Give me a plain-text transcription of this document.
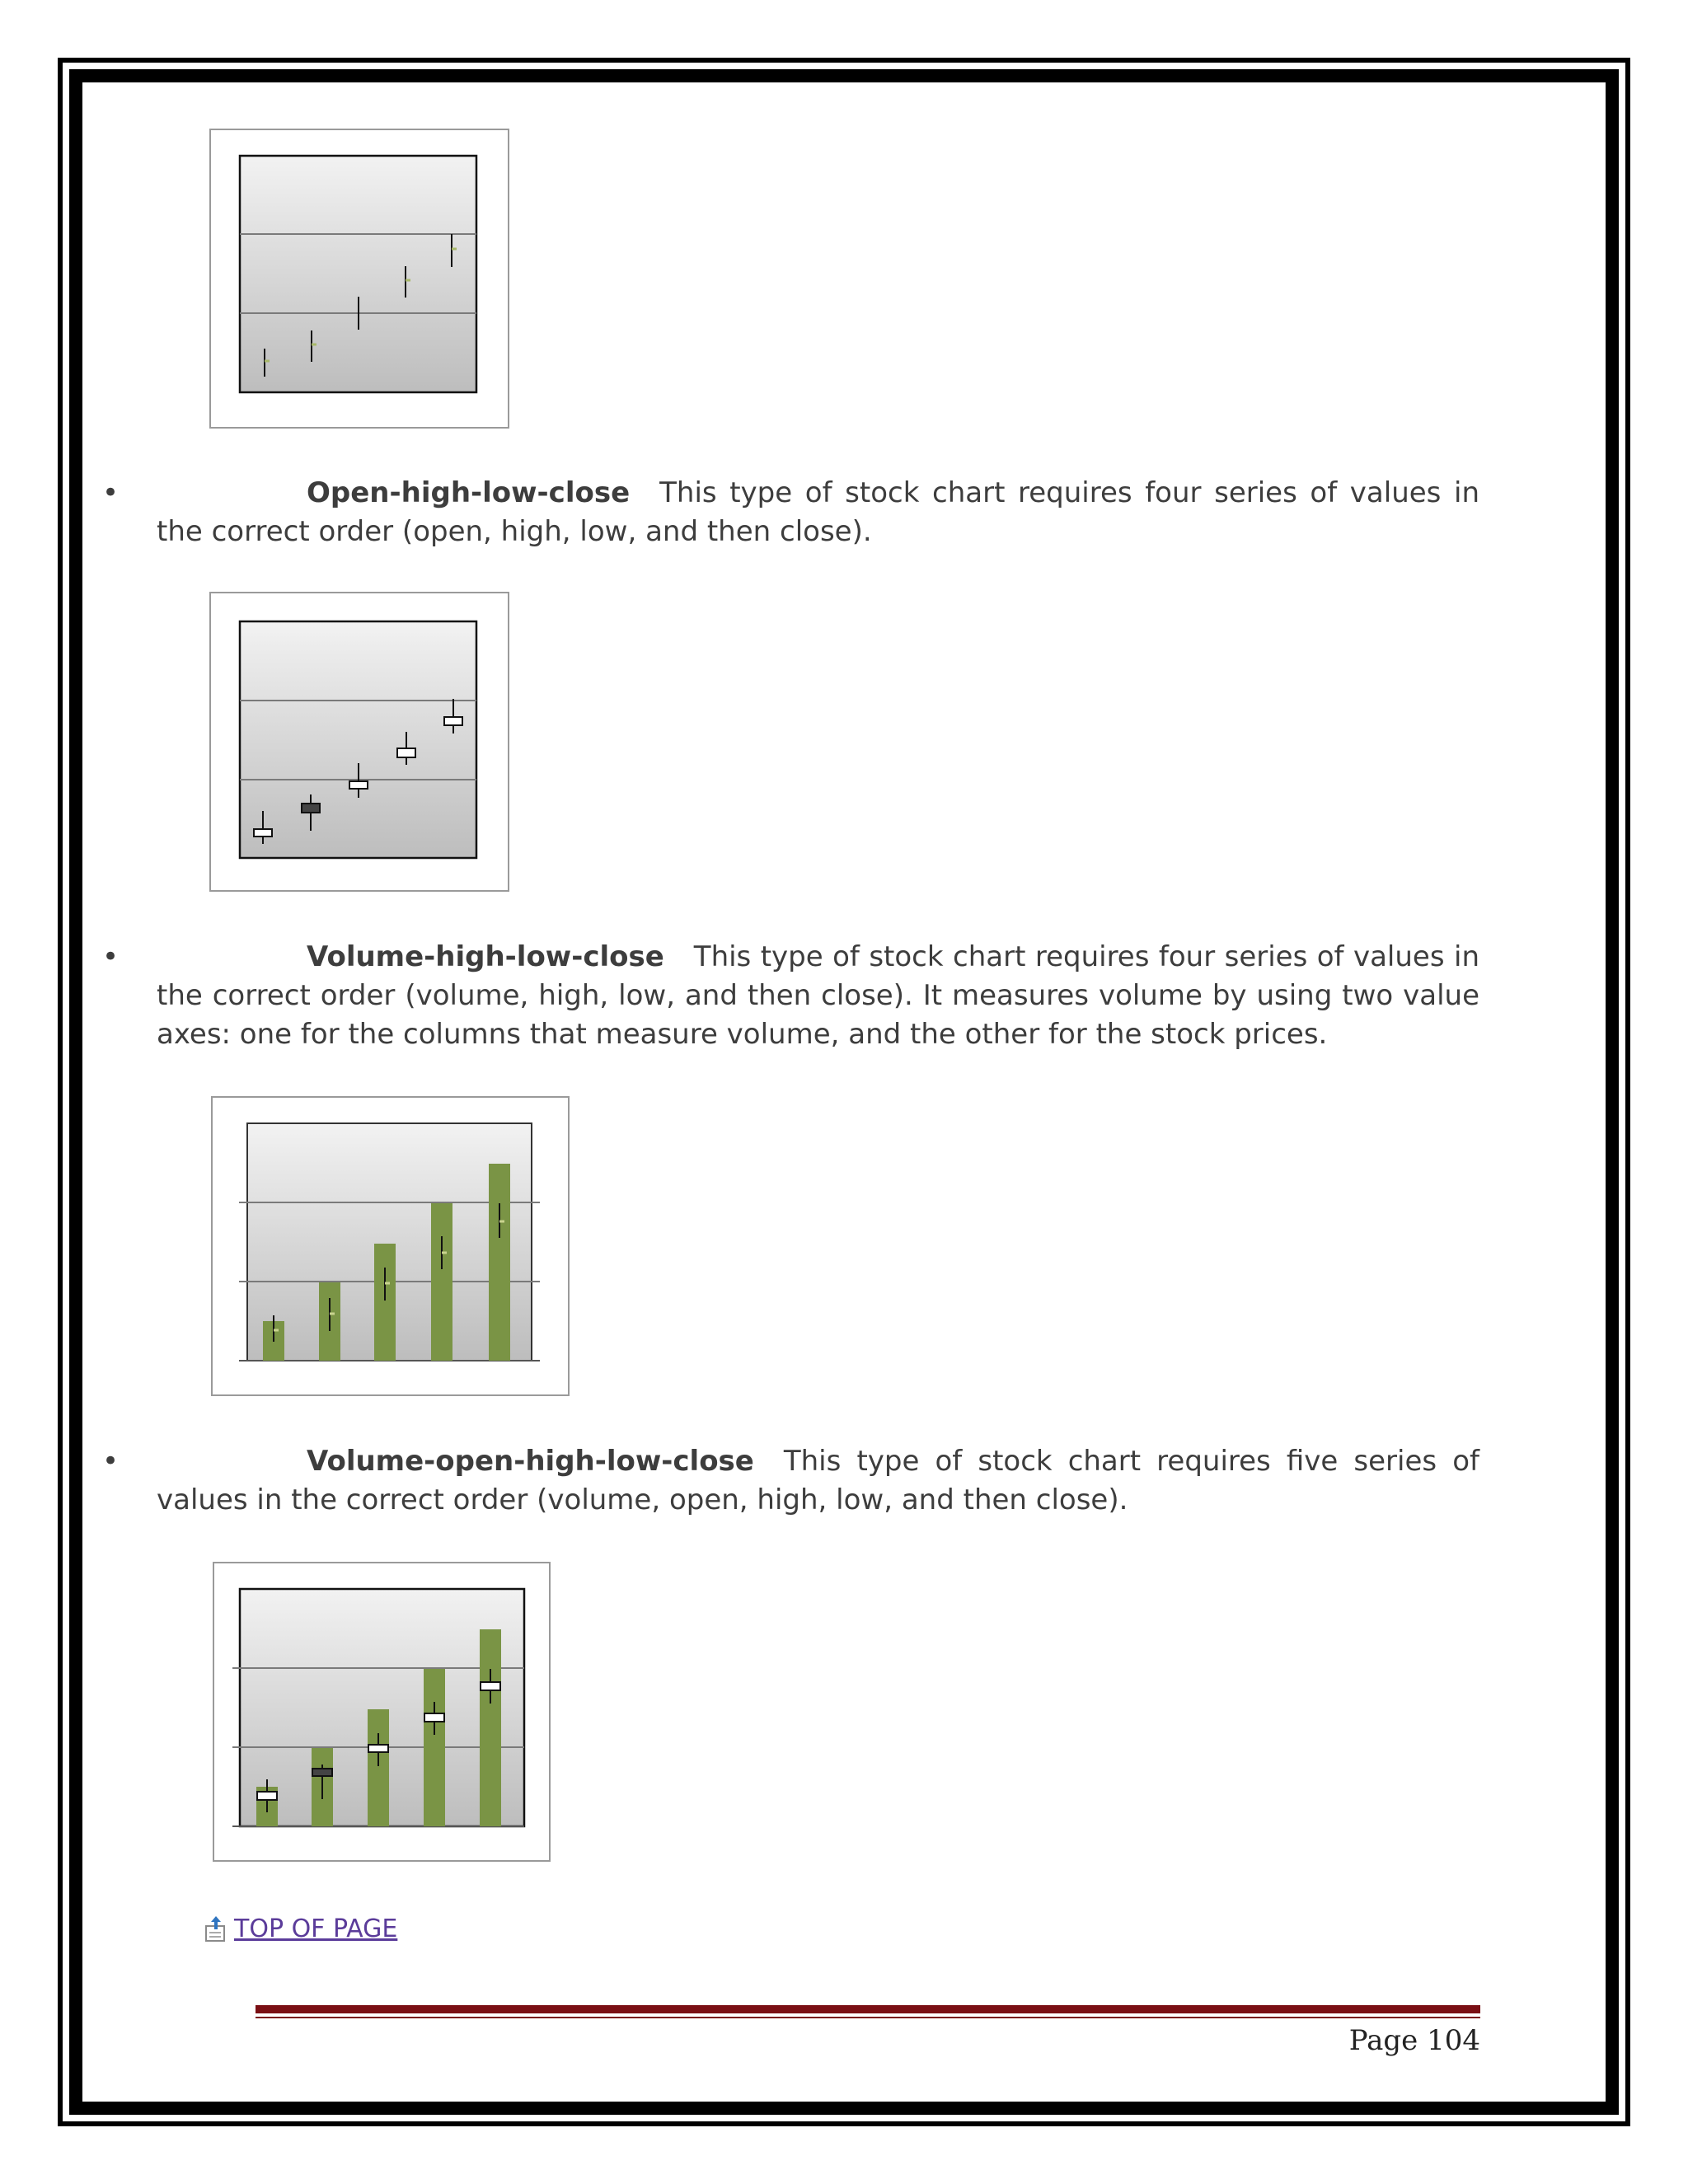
•	Open-high-low-close This type of stock chart requires four series of values in the correct order (open, high, low, and then close).
•	Volume-high-low-close This type of stock chart requires four series of values in the correct order (volume, high, low, and then close). It measures volume by using two value axes: one for the columns that measure volume, and the other for the stock prices.
•	Volume-open-high-low-close This type of stock chart requires five series of values in the correct order (volume, open, high, low, and then close).
TOP OF PAGE
Page 104
